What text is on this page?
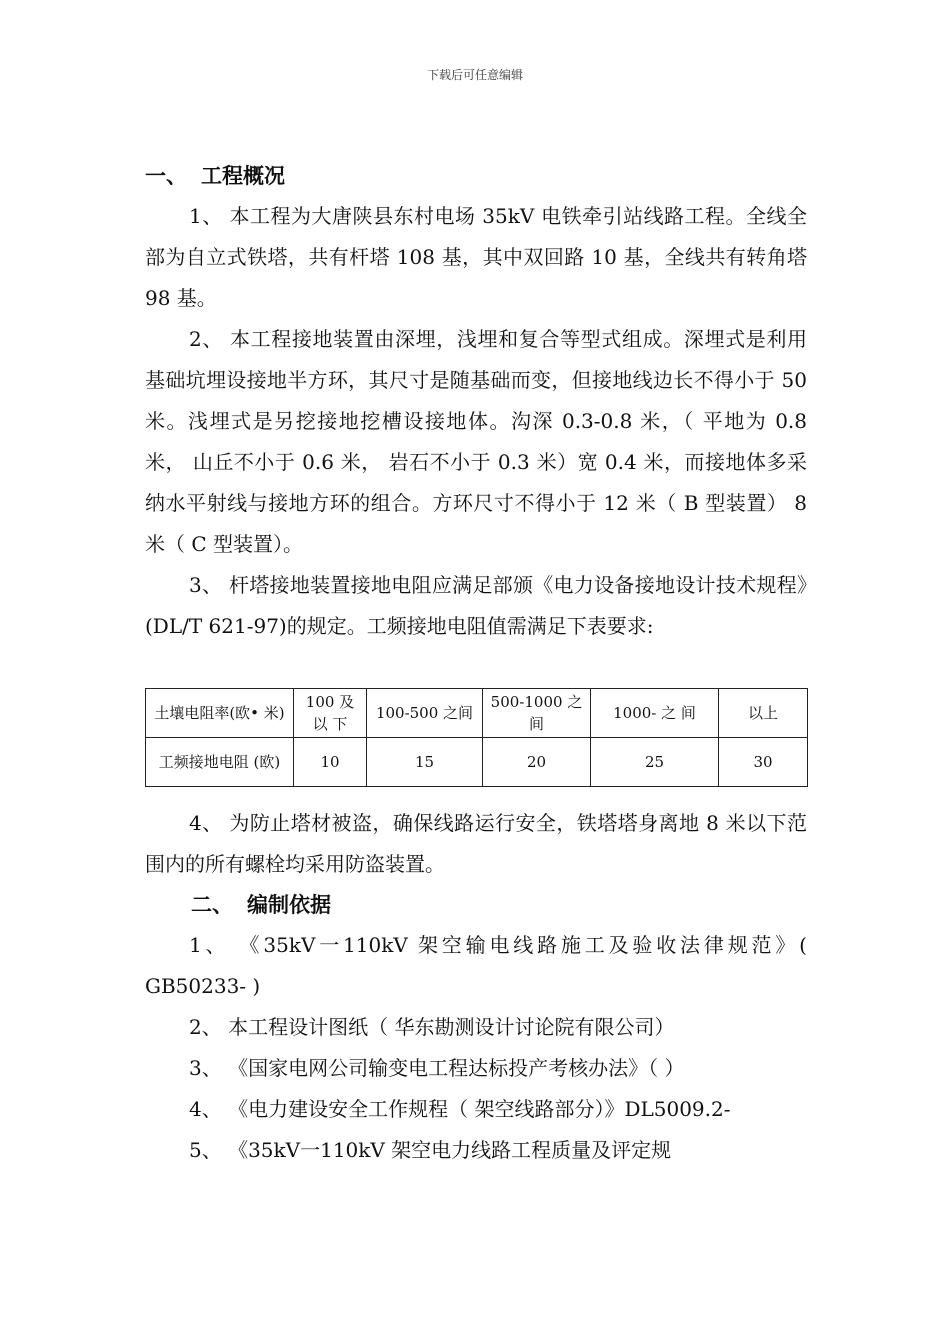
下载后可任意编辑
一、 工程概况

1、 本工程为大唐陕县东村电场 35kV 电铁牵引站线路工程。全线全部为自立式铁塔，共有杆塔 108 基，其中双回路 10 基，全线共有转角塔 98 基。

2、 本工程接地装置由深埋，浅埋和复合等型式组成。深埋式是利用基础坑埋设接地半方环，其尺寸是随基础而变，但接地线边长不得小于 50 米。浅埋式是另挖接地挖槽设接地体。沟深 0.3-0.8 米，（ 平地为 0.8 米， 山丘不小于 0.6 米， 岩石不小于 0.3 米）宽 0.4 米，而接地体多采纳水平射线与接地方环的组合。方环尺寸不得小于 12 米（ B 型装置） 8 米（ C 型装置）。

3、 杆塔接地装置接地电阻应满足部颁《电力设备接地设计技术规程》(DL/T 621-97)的规定。工频接地电阻值需满足下表要求:

土壤电阻率(欧• 米)	100 及 以 下	100-500 之间	500-1000 之 间	1000- 之 间	以上
工频接地电阻 (欧)	10	15	20	25	30

4、 为防止塔材被盗，确保线路运行安全，铁塔塔身离地 8 米以下范围内的所有螺栓均采用防盗装置。

二、 编制依据

1、 《35kV一110kV 架空输电线路施工及验收法律规范》( GB50233- )

2、 本工程设计图纸（ 华东勘测设计讨论院有限公司）

3、 《国家电网公司输变电工程达标投产考核办法》（ ）

4、 《电力建设安全工作规程（ 架空线路部分）》DL5009.2-

5、 《35kV一110kV 架空电力线路工程质量及评定规
